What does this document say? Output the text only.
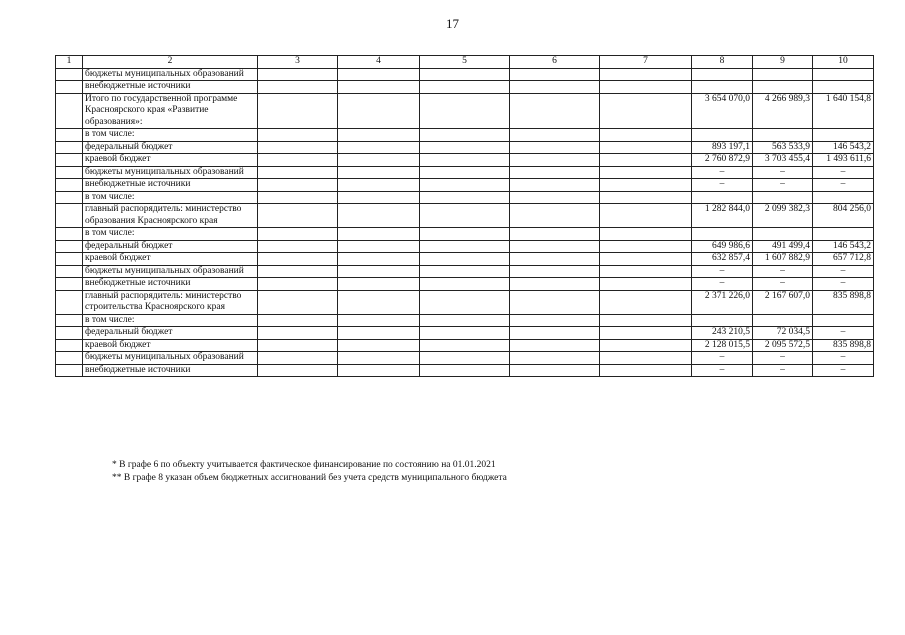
17
1	2	3	4	5	6	7	8	9	10
	бюджеты муниципальных образований								
	внебюджетные источники								
	Итого по государственной программе Красноярского края «Развитие образования»:						3 654 070,0	4 266 989,3	1 640 154,8
	в том числе:								
	федеральный бюджет						893 197,1	563 533,9	146 543,2
	краевой бюджет						2 760 872,9	3 703 455,4	1 493 611,6
	бюджеты муниципальных образований						–	–	–
	внебюджетные источники						–	–	–
	в том числе:								
	главный распорядитель: министерство образования Красноярского края						1 282 844,0	2 099 382,3	804 256,0
	в том числе:								
	федеральный бюджет						649 986,6	491 499,4	146 543,2
	краевой бюджет						632 857,4	1 607 882,9	657 712,8
	бюджеты муниципальных образований						–	–	–
	внебюджетные источники						–	–	–
	главный распорядитель: министерство строительства Красноярского края						2 371 226,0	2 167 607,0	835 898,8
	в том числе:								
	федеральный бюджет						243 210,5	72 034,5	–
	краевой бюджет						2 128 015,5	2 095 572,5	835 898,8
	бюджеты муниципальных образований						–	–	–
	внебюджетные источники						–	–	–
* В графе 6 по объекту учитывается фактическое финансирование по состоянию на 01.01.2021
** В графе 8 указан объем бюджетных ассигнований без учета средств муниципального бюджета
